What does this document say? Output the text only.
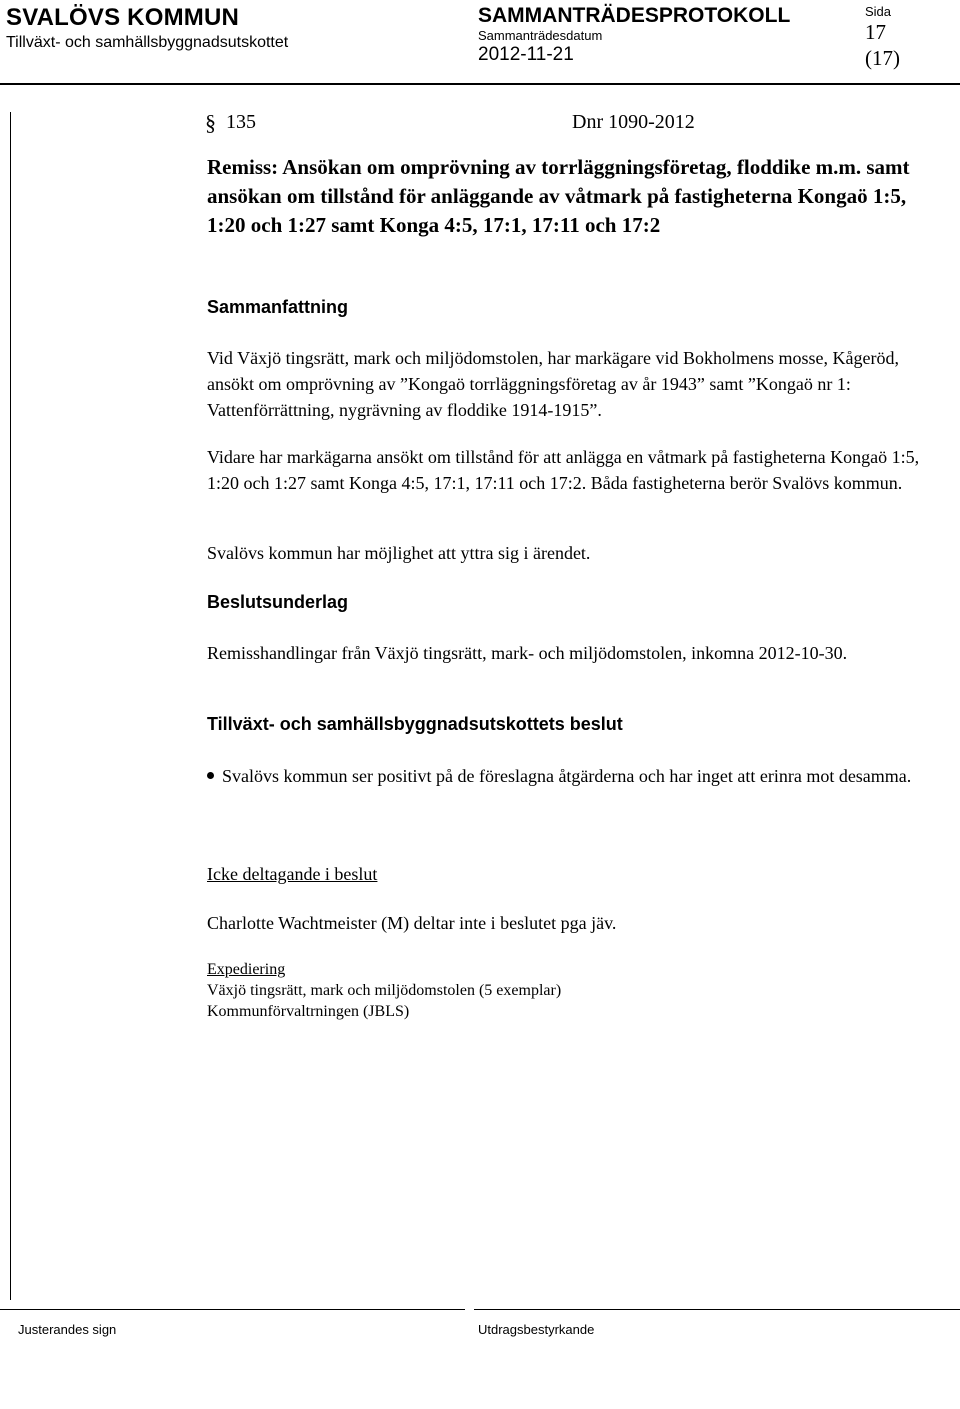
SVALÖVS KOMMUN
Tillväxt- och samhällsbyggnadsutskottet
SAMMANTRÄDESPROTOKOLL
Sammanträdesdatum
2012-11-21
Sida
17
(17)
§ 135	Dnr 1090-2012
Remiss: Ansökan om omprövning av torrläggningsföretag, floddike m.m. samt ansökan om tillstånd för anläggande av våtmark på fastigheterna Kongaö 1:5, 1:20 och 1:27 samt Konga 4:5, 17:1, 17:11 och 17:2
Sammanfattning
Vid Växjö tingsrätt, mark och miljödomstolen, har markägare vid Bokholmens mosse, Kågeröd, ansökt om omprövning av ”Kongaö torrläggningsföretag av år 1943” samt ”Kongaö nr 1: Vattenförrättning, nygrävning av floddike 1914-1915”.
Vidare har markägarna ansökt om tillstånd för att anlägga en våtmark på fastigheterna Kongaö 1:5, 1:20 och 1:27 samt Konga 4:5, 17:1, 17:11 och 17:2. Båda fastigheterna berör Svalövs kommun.
Svalövs kommun har möjlighet att yttra sig i ärendet.
Beslutsunderlag
Remisshandlingar från Växjö tingsrätt, mark- och miljödomstolen, inkomna 2012-10-30.
Tillväxt- och samhällsbyggnadsutskottets beslut
Svalövs kommun ser positivt på de föreslagna åtgärderna och har inget att erinra mot desamma.
Icke deltagande i beslut
Charlotte Wachtmeister (M) deltar inte i beslutet pga jäv.
Expediering
Växjö tingsrätt, mark och miljödomstolen (5 exemplar)
Kommunförvaltrningen (JBLS)
Justerandes sign	Utdragsbestyrkande
